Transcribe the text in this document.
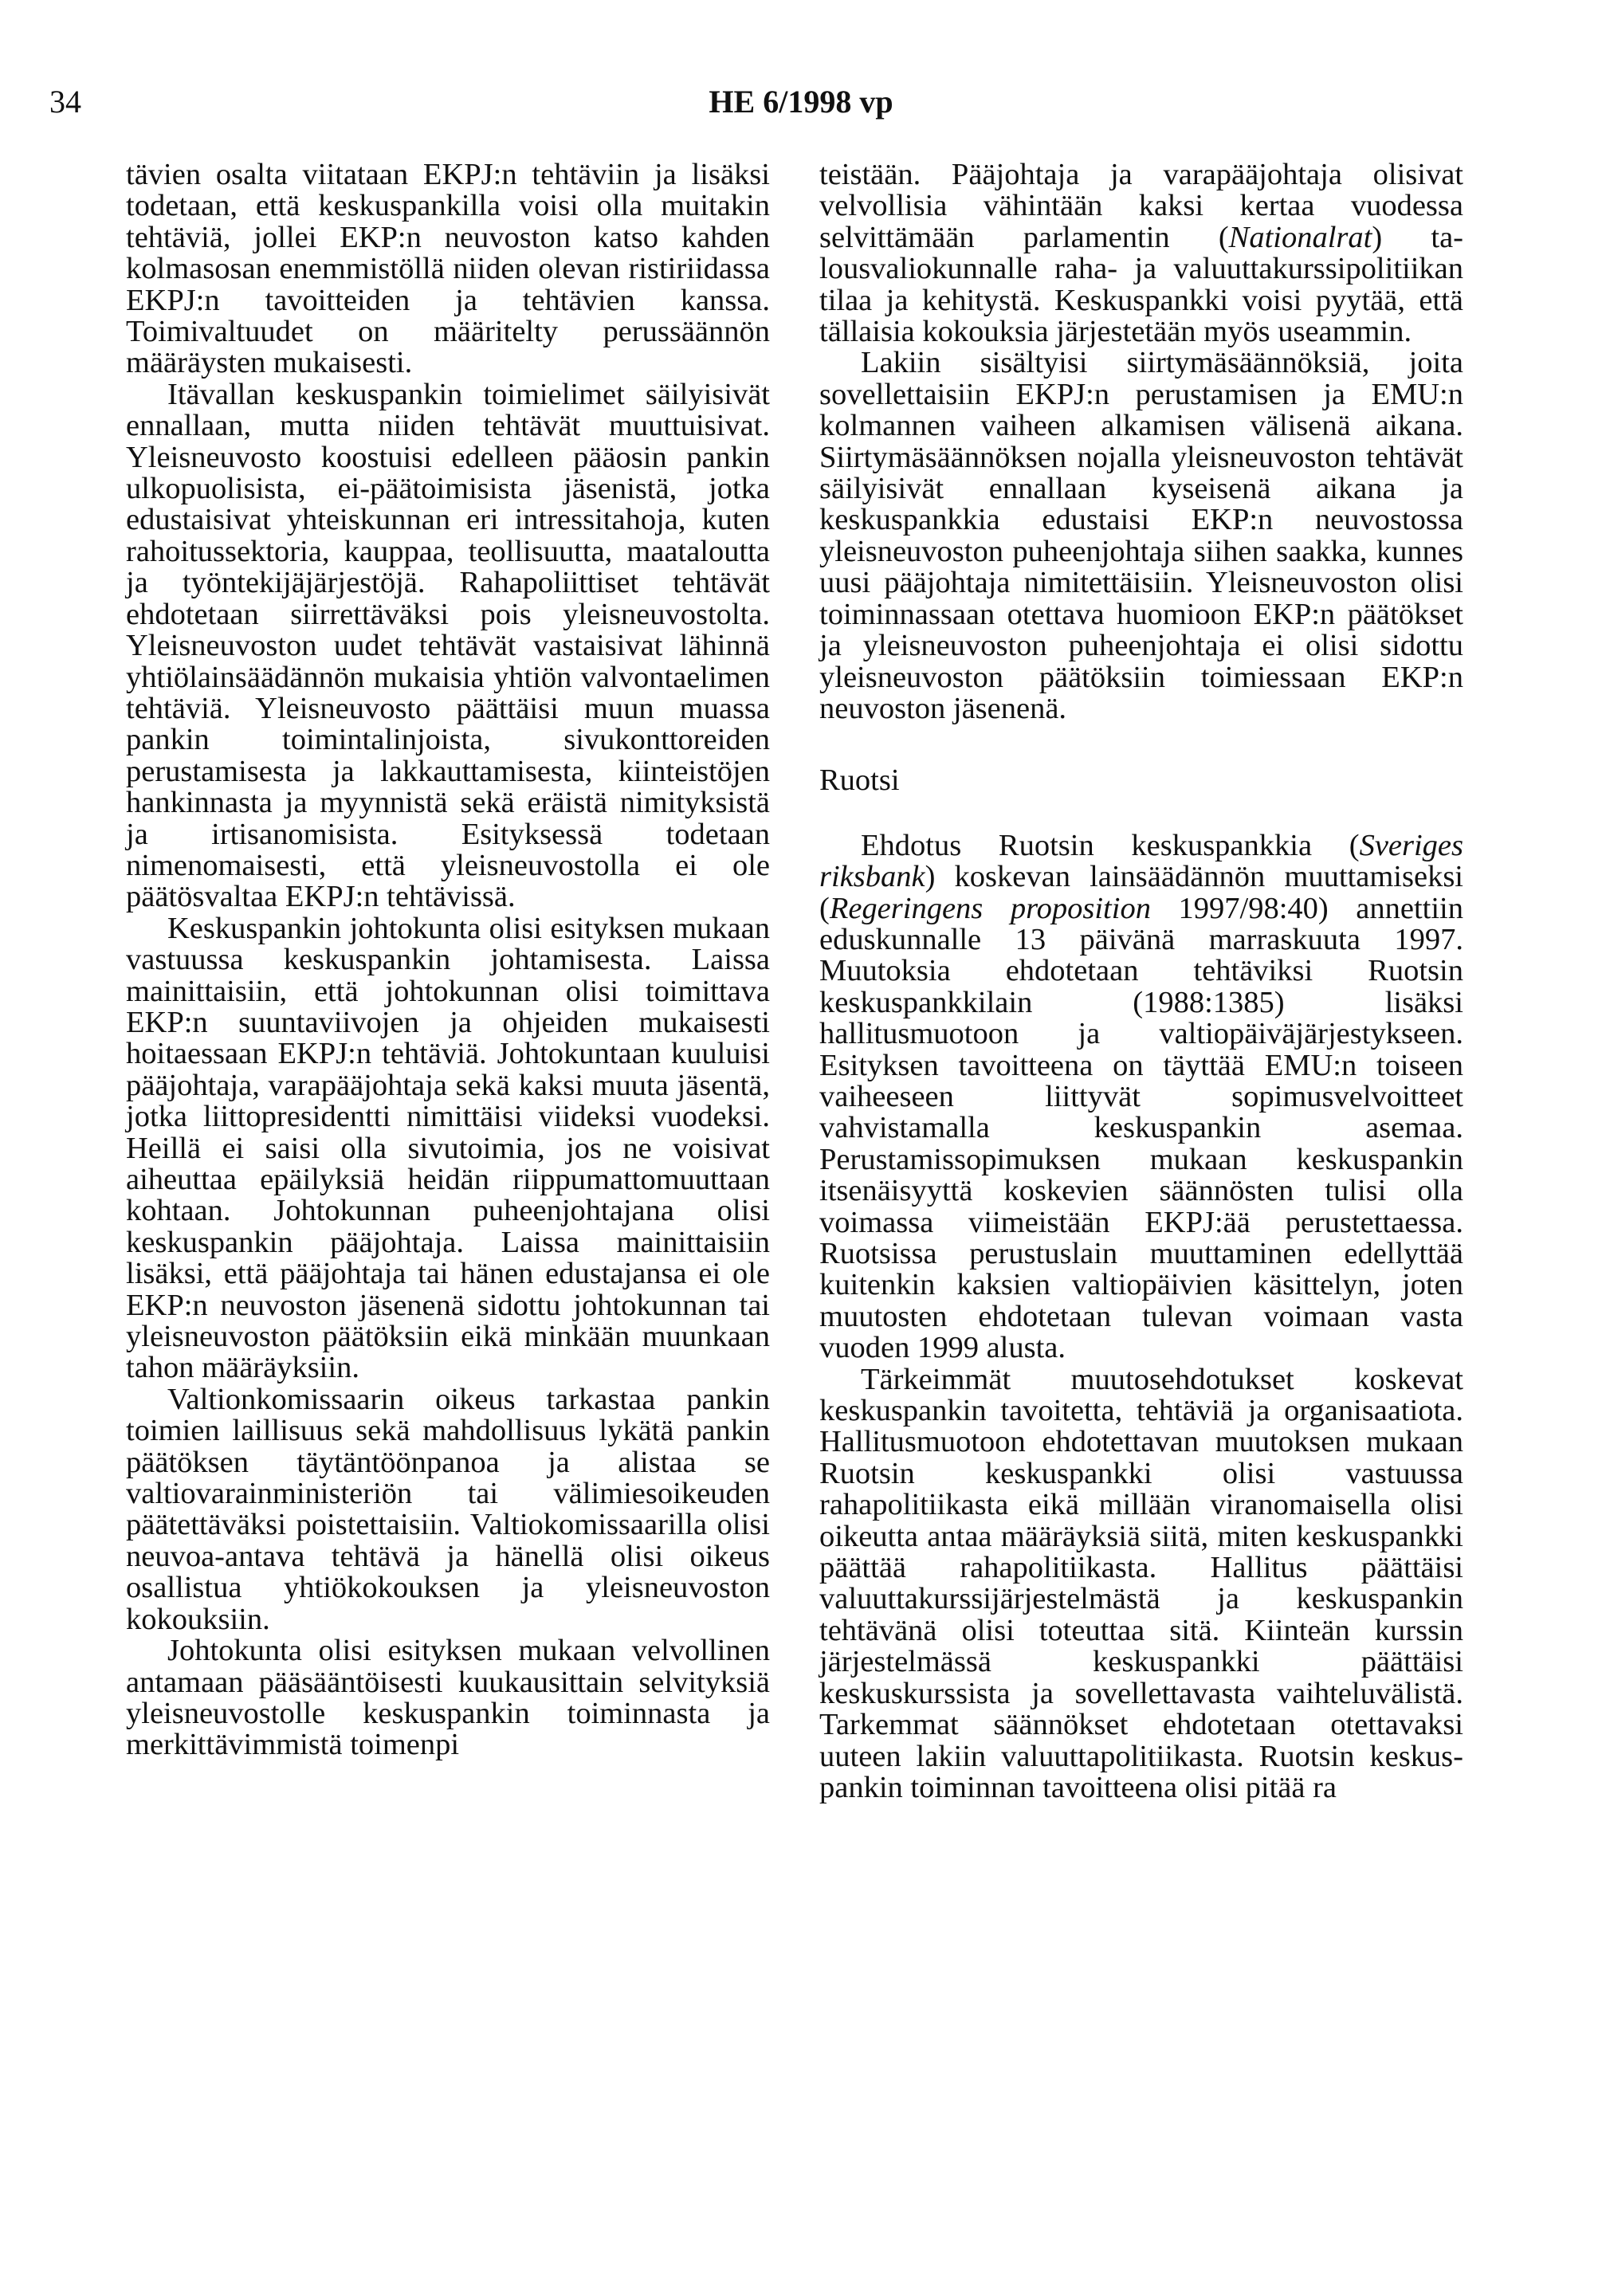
34	HE 6/1998 vp

tävien osalta viitataan EKPJ:n tehtäviin ja lisäksi todetaan, että keskuspankilla voisi olla muitakin tehtäviä, jollei EKP:n neuvoston katso kahden kolmasosan enemmistöllä niiden olevan ristiriidassa EKPJ:n tavoitteiden ja tehtävien kanssa. Toimivaltuudet on määritelty perussäännön määräysten mukaisesti.

Itävallan keskuspankin toimielimet säilyisivät ennallaan, mutta niiden tehtävät muuttuisivat. Yleisneuvosto koostuisi edelleen pääosin pankin ulkopuolisista, ei-päätoimisista jäsenistä, jotka edustaisivat yhteiskunnan eri intressitahoja, kuten rahoitussektoria, kauppaa, teollisuutta, maataloutta ja työntekijäjärjestöjä. Rahapoliittiset tehtävät ehdotetaan siirrettäväksi pois yleisneuvostolta. Yleisneuvoston uudet tehtävät vastaisivat lähinnä yhtiölainsäädännön mukaisia yhtiön valvontaelimen tehtäviä. Yleisneuvosto päättäisi muun muassa pankin toimintalinjoista, sivukonttoreiden perustamisesta ja lakkauttamisesta, kiinteistöjen hankinnasta ja myynnistä sekä eräistä nimityksistä ja irtisanomisista. Esityksessä todetaan nimenomaisesti, että yleisneuvostolla ei ole päätösvaltaa EKPJ:n tehtävissä.

Keskuspankin johtokunta olisi esityksen mukaan vastuussa keskuspankin johtamisesta. Laissa mainittaisiin, että johtokunnan olisi toimittava EKP:n suuntaviivojen ja ohjeiden mukaisesti hoitaessaan EKPJ:n tehtäviä. Johtokuntaan kuuluisi pääjohtaja, varapääjohtaja sekä kaksi muuta jäsentä, jotka liittopresidentti nimittäisi viideksi vuodeksi. Heillä ei saisi olla sivutoimia, jos ne voisivat aiheuttaa epäilyksiä heidän riippumattomuuttaan kohtaan. Johtokunnan puheenjohtajana olisi keskuspankin pääjohtaja. Laissa mainittaisiin lisäksi, että pääjohtaja tai hänen edustajansa ei ole EKP:n neuvoston jäsenenä sidottu johtokunnan tai yleisneuvoston päätöksiin eikä minkään muunkaan tahon määräyksiin.

Valtionkomissaarin oikeus tarkastaa pankin toimien laillisuus sekä mahdollisuus lykätä pankin päätöksen täytäntöönpanoa ja alistaa se valtiovarainministeriön tai välimiesoikeuden päätettäväksi poistettaisiin. Valtiokomissaarilla olisi neuvoa-antava tehtävä ja hänellä olisi oikeus osallistua yhtiökokouksen ja yleisneuvoston kokouksiin.

Johtokunta olisi esityksen mukaan velvollinen antamaan pääsääntöisesti kuukausittain selvityksiä yleisneuvostolle keskuspankin toiminnasta ja merkittävimmistä toimenpi

teistään. Pääjohtaja ja varapääjohtaja olisivat velvollisia vähintään kaksi kertaa vuodessa selvittämään parlamentin (Nationalrat) talousvaliokunnalle raha- ja valuuttakurssipolitiikan tilaa ja kehitystä. Keskuspankki voisi pyytää, että tällaisia kokouksia järjestetään myös useammin.

Lakiin sisältyisi siirtymäsäännöksiä, joita sovellettaisiin EKPJ:n perustamisen ja EMU:n kolmannen vaiheen alkamisen välisenä aikana. Siirtymäsäännöksen nojalla yleisneuvoston tehtävät säilyisivät ennallaan kyseisenä aikana ja keskuspankkia edustaisi EKP:n neuvostossa yleisneuvoston puheenjohtaja siihen saakka, kunnes uusi pääjohtaja nimitettäisiin. Yleisneuvoston olisi toiminnassaan otettava huomioon EKP:n päätökset ja yleisneuvoston puheenjohtaja ei olisi sidottu yleisneuvoston päätöksiin toimiessaan EKP:n neuvoston jäsenenä.

Ruotsi

Ehdotus Ruotsin keskuspankkia (Sveriges riksbank) koskevan lainsäädännön muuttamiseksi (Regeringens proposition 1997/98:40) annettiin eduskunnalle 13 päivänä marraskuuta 1997. Muutoksia ehdotetaan tehtäviksi Ruotsin keskuspankkilain (1988:1385) lisäksi hallitusmuotoon ja valtiopäiväjärjestykseen. Esityksen tavoitteena on täyttää EMU:n toiseen vaiheeseen liittyvät sopimusvelvoitteet vahvistamalla keskuspankin asemaa. Perustamissopimuksen mukaan keskuspankin itsenäisyyttä koskevien säännösten tulisi olla voimassa viimeistään EKPJ:ää perustettaessa. Ruotsissa perustuslain muuttaminen edellyttää kuitenkin kaksien valtiopäivien käsittelyn, joten muutosten ehdotetaan tulevan voimaan vasta vuoden 1999 alusta.

Tärkeimmät muutosehdotukset koskevat keskuspankin tavoitetta, tehtäviä ja organisaatiota. Hallitusmuotoon ehdotettavan muutoksen mukaan Ruotsin keskuspankki olisi vastuussa rahapolitiikasta eikä millään viranomaisella olisi oikeutta antaa määräyksiä siitä, miten keskuspankki päättää rahapolitiikasta. Hallitus päättäisi valuuttakurssijärjestelmästä ja keskuspankin tehtävänä olisi toteuttaa sitä. Kiinteän kurssin järjestelmässä keskuspankki päättäisi keskuskurssista ja sovellettavasta vaihteluvälistä. Tarkemmat säännökset ehdotetaan otettavaksi uuteen lakiin valuuttapolitiikasta. Ruotsin keskuspankin toiminnan tavoitteena olisi pitää ra
